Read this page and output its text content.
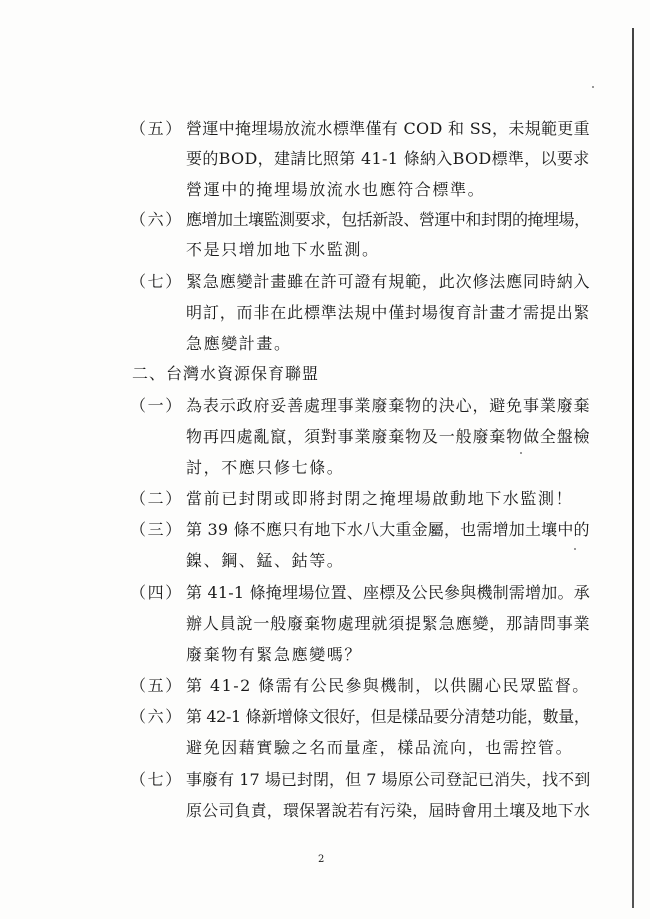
（五） 營運中掩埋場放流水標準僅有 COD 和 SS，未規範更重
要的BOD，建請比照第 41-1 條納入BOD標準，以要求
營運中的掩埋場放流水也應符合標準。
（六） 應增加土壤監測要求，包括新設、營運中和封閉的掩埋場，
不是只增加地下水監測。
（七） 緊急應變計畫雖在許可證有規範，此次修法應同時納入
明訂，而非在此標準法規中僅封場復育計畫才需提出緊
急應變計畫。
二、台灣水資源保育聯盟
（一） 為表示政府妥善處理事業廢棄物的決心，避免事業廢棄
物再四處亂竄，須對事業廢棄物及一般廢棄物做全盤檢
討，不應只修七條。
（二） 當前已封閉或即將封閉之掩埋場啟動地下水監測！
（三） 第 39 條不應只有地下水八大重金屬，也需增加土壤中的
鎳、鋼、錳、鈷等。
（四） 第 41-1 條掩埋場位置、座標及公民參與機制需增加。承
辦人員說一般廢棄物處理就須提緊急應變，那請問事業
廢棄物有緊急應變嗎？
（五） 第 41-2 條需有公民參與機制，以供關心民眾監督。
（六） 第 42-1 條新增條文很好，但是樣品要分清楚功能，數量，
避免因藉實驗之名而量產，樣品流向，也需控管。
（七） 事廢有 17 場已封閉，但 7 場原公司登記已消失，找不到
原公司負責，環保署說若有污染，屆時會用土壤及地下水
2
